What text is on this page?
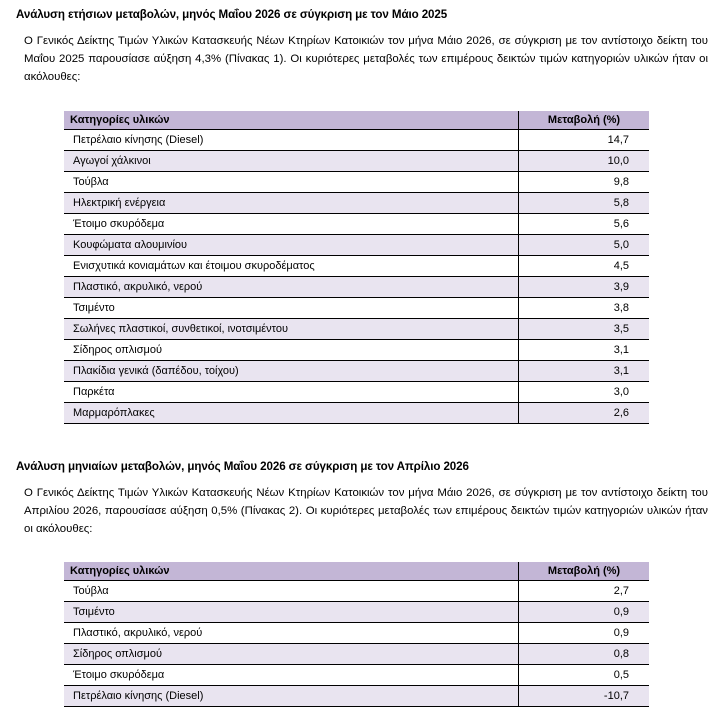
Ανάλυση ετήσιων μεταβολών, μηνός Μαΐου 2026 σε σύγκριση με τον Μάιο 2025

Ο Γενικός Δείκτης Τιμών Υλικών Κατασκευής Νέων Κτηρίων Κατοικιών τον μήνα Μάιο 2026, σε σύγκριση με τον αντίστοιχο δείκτη του Μαΐου 2025 παρουσίασε αύξηση 4,3% (Πίνακας 1). Οι κυριότερες μεταβολές των επιμέρους δεικτών τιμών κατηγοριών υλικών ήταν οι ακόλουθες:

Κατηγορίες υλικών	Μεταβολή (%)
Πετρέλαιο κίνησης (Diesel)	14,7
Αγωγοί χάλκινοι	10,0
Τούβλα	9,8
Ηλεκτρική ενέργεια	5,8
Έτοιμο σκυρόδεμα	5,6
Κουφώματα αλουμινίου	5,0
Ενισχυτικά κονιαμάτων και έτοιμου σκυροδέματος	4,5
Πλαστικό, ακρυλικό, νερού	3,9
Τσιμέντο	3,8
Σωλήνες πλαστικοί, συνθετικοί, ινοτσιμέντου	3,5
Σίδηρος οπλισμού	3,1
Πλακίδια γενικά (δαπέδου, τοίχου)	3,1
Παρκέτα	3,0
Μαρμαρόπλακες	2,6

Ανάλυση μηνιαίων μεταβολών, μηνός Μαΐου 2026 σε σύγκριση με τον Απρίλιο 2026

Ο Γενικός Δείκτης Τιμών Υλικών Κατασκευής Νέων Κτηρίων Κατοικιών τον μήνα Μάιο 2026, σε σύγκριση με τον αντίστοιχο δείκτη του Απριλίου 2026, παρουσίασε αύξηση 0,5% (Πίνακας 2). Οι κυριότερες μεταβολές των επιμέρους δεικτών τιμών κατηγοριών υλικών ήταν οι ακόλουθες:

Κατηγορίες υλικών	Μεταβολή (%)
Τούβλα	2,7
Τσιμέντο	0,9
Πλαστικό, ακρυλικό, νερού	0,9
Σίδηρος οπλισμού	0,8
Έτοιμο σκυρόδεμα	0,5
Πετρέλαιο κίνησης (Diesel)	-10,7
